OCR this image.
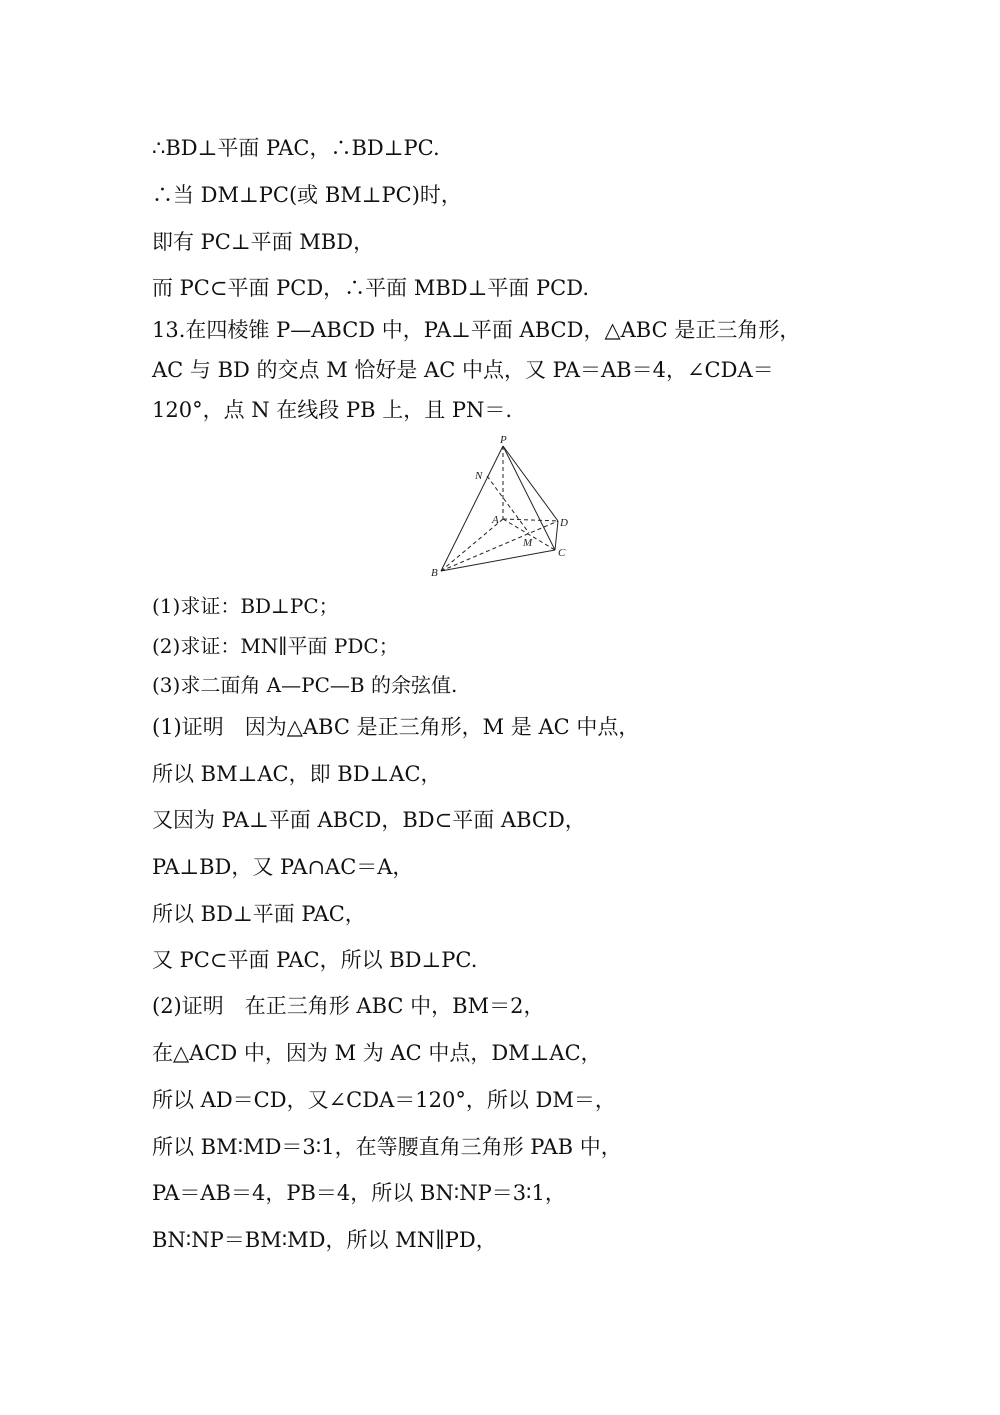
∴BD⊥平面 PAC，∴BD⊥PC.

∴当 DM⊥PC(或 BM⊥PC)时，

即有 PC⊥平面 MBD，

而 PC⊂平面 PCD，∴平面 MBD⊥平面 PCD.

13.在四棱锥 P—ABCD 中，PA⊥平面 ABCD，△ABC 是正三角形，

AC 与 BD 的交点 M 恰好是 AC 中点，又 PA＝AB＝4，∠CDA＝

120°，点 N 在线段 PB 上，且 PN＝.

P
N
A	D
M
C
B

(1)求证：BD⊥PC；

(2)求证：MN∥平面 PDC；

(3)求二面角 A—PC—B 的余弦值.

(1)证明　因为△ABC 是正三角形，M 是 AC 中点，

所以 BM⊥AC，即 BD⊥AC，

又因为 PA⊥平面 ABCD，BD⊂平面 ABCD，

PA⊥BD，又 PA∩AC＝A，

所以 BD⊥平面 PAC，

又 PC⊂平面 PAC，所以 BD⊥PC.

(2)证明　在正三角形 ABC 中，BM＝2，

在△ACD 中，因为 M 为 AC 中点，DM⊥AC，

所以 AD＝CD，又∠CDA＝120°，所以 DM＝，

所以 BM∶MD＝3∶1，在等腰直角三角形 PAB 中，

PA＝AB＝4，PB＝4，所以 BN∶NP＝3∶1，

BN∶NP＝BM∶MD，所以 MN∥PD，
